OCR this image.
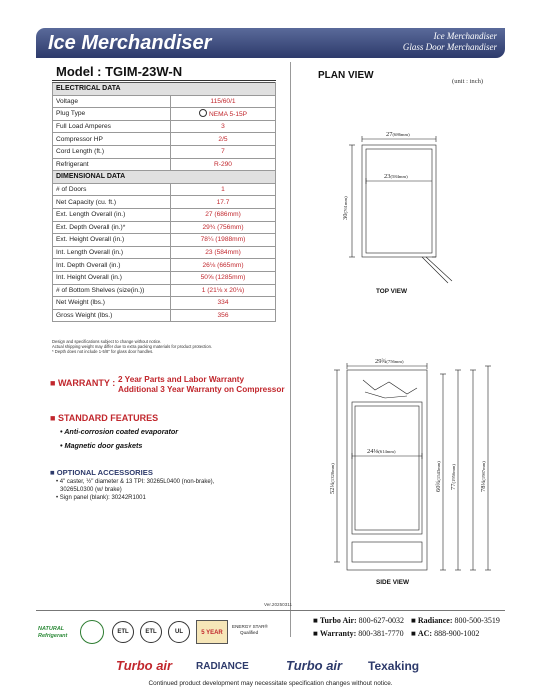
Ice Merchandiser	Ice Merchandiser
Glass Door Merchandiser
Model : TGIM-23W-N
ELECTRICAL DATA	
Voltage	115/60/1
Plug Type	NEMA 5-15P
Full Load Amperes	3
Compressor HP	2/5
Cord Length (ft.)	7
Refrigerant	R-290
DIMENSIONAL DATA	
# of Doors	1
Net Capacity (cu. ft.)	17.7
Ext. Length Overall (in.)	27 (686mm)
Ext. Depth Overall (in.)*	29¾ (756mm)
Ext. Height Overall (in.)	78¼ (1988mm)
Int. Length Overall (in.)	23 (584mm)
Int. Depth Overall (in.)	26⅛ (665mm)
Int. Height Overall (in.)	50⅝ (1285mm)
# of Bottom Shelves (size(in.))	1 (21⅛ x 20⅛)
Net Weight (lbs.)	334
Gross Weight (lbs.)	356
Design and specifications subject to change without notice.
Actual shipping weight may differ due to extra packing materials for product protection.
* Depth does not include 1-5/8" for glass door handles.
■ WARRANTY : 2 Year Parts and Labor Warranty
Additional 3 Year Warranty on Compressor
■ STANDARD FEATURES
• Anti-corrosion coated evaporator
• Magnetic door gaskets
■ OPTIONAL ACCESSORIES
• 4" caster, ½" diameter & 13 TPI: 30265L0400 (non-brake),
30265L0300 (w/ brake)
• Sign panel (blank): 30242R1001
PLAN VIEW
(unit : inch)
27(686mm)
23(584mm)
30(761mm)
TOP VIEW
29¾(756mm)
24⅛(614mm)
52¼(1328mm)
60¾(1543mm)
77(1956mm)
78¼(1987mm)
SIDE VIEW
Ver.20250311
NATURAL
Refrigerant
ETL	ETL	UL	5 YEAR
ENERGY STAR®
Qualified
■ Turbo Air: 800-627-0032 ■ Radiance: 800-500-3519
■ Warranty: 800-381-7770 ■ AC: 888-900-1002
Turbo air RADIANCE	Turbo air Texaking
Continued product development may necessitate specification changes without notice.
